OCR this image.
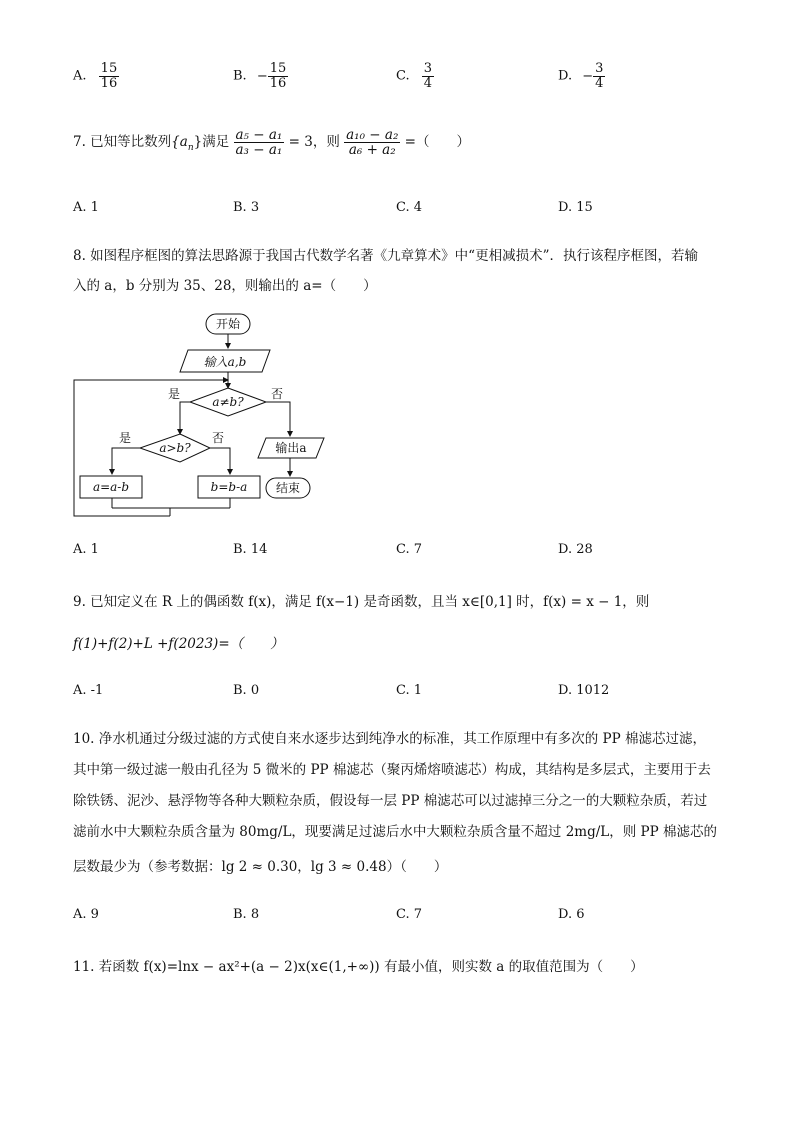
A. $\frac{15}{16}$	B. − $\frac{15}{16}$	C. $\frac{3}{4}$	D. − $\frac{3}{4}$
7. 已知等比数列$\{a_n\}$满足 $\frac{\text{a₅ − a₁}}{\text{a₃ − a₁}} = 3$，则 $\frac{\text{a₁₀ − a₂}}{\text{a₆ + a₂}}$ =（　　）
A. 1	B. 3	C. 4	D. 15
8. 如图程序框图的算法思路源于我国古代数学名著《九章算术》中“更相减损术”．执行该程序框图，若输
入的 a，b 分别为 35、28，则输出的 a=（　　）
开始
输入a,b
a≠b?
是	否
a>b?
是	否
a=a-b	b=b-a
输出a
结束
A. 1	B. 14	C. 7	D. 28
9. 已知定义在 R 上的偶函数 f(x)，满足 f(x−1) 是奇函数，且当 x∈[0,1] 时，f(x) = x − 1，则
f(1)+f(2)+L +f(2023)=（　　）
A. -1	B. 0	C. 1	D. 1012
10. 净水机通过分级过滤的方式使自来水逐步达到纯净水的标准，其工作原理中有多次的 PP 棉滤芯过滤，
其中第一级过滤一般由孔径为 5 微米的 PP 棉滤芯（聚丙烯熔喷滤芯）构成，其结构是多层式，主要用于去
除铁锈、泥沙、悬浮物等各种大颗粒杂质，假设每一层 PP 棉滤芯可以过滤掉三分之一的大颗粒杂质，若过
滤前水中大颗粒杂质含量为 80mg/L，现要满足过滤后水中大颗粒杂质含量不超过 2mg/L，则 PP 棉滤芯的
层数最少为（参考数据：lg 2 ≈ 0.30，lg 3 ≈ 0.48）（　　）
A. 9	B. 8	C. 7	D. 6
11. 若函数 f(x)=lnx − ax²+(a − 2)x(x∈(1,+∞)) 有最小值，则实数 a 的取值范围为（　　）
